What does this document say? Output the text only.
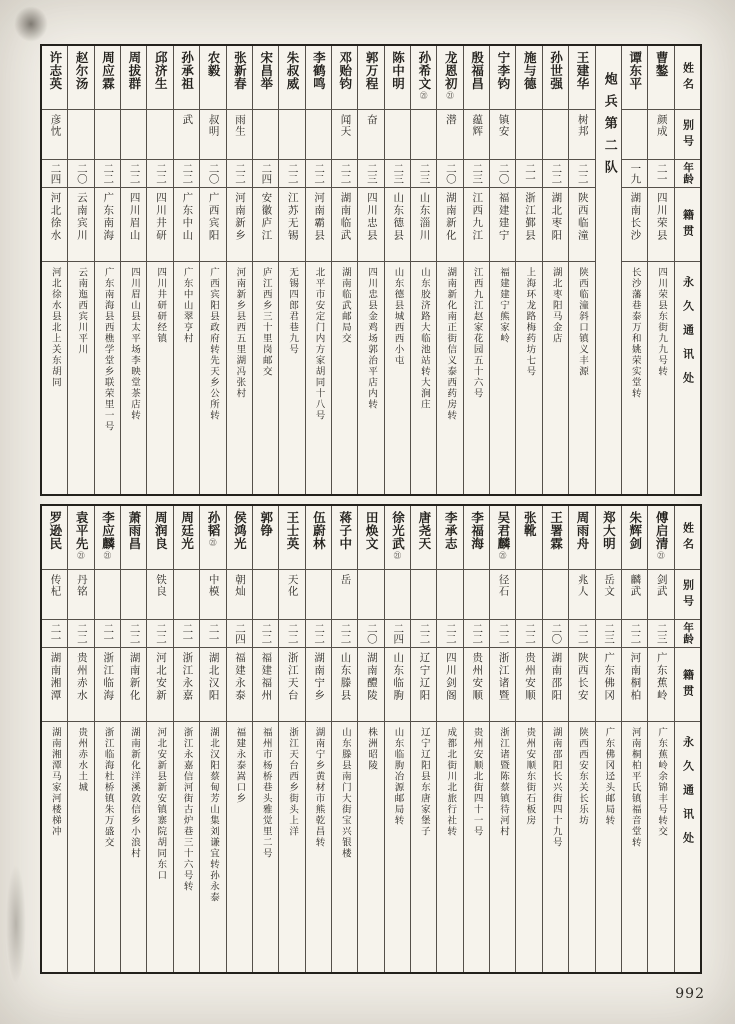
姓名
别号
年龄
籍贯
永久通讯处
曹鏊
颜成
二一
四川荣县
四川荣县东街九九号转
谭东平
一九
湖南长沙
长沙藩巷泰万和姚荣实堂转
炮兵第二队
王建华
树邦
二二
陕西临潼
陕西临潼斜口镇义丰源
孙世强
二二
湖北枣阳
湖北枣阳马金店
施与德
二一
浙江鄞县
上海环龙路梅药坊七号
宁李钧
镇安
二〇
福建建宁
福建建宁熊家岭
殷福昌
蕴辉
二三
江西九江
江西九江赵家花园五十六号
龙恩初
㉑
潜
二〇
湖南新化
湖南新化南正街信义泰西药房转
孙希文
㉑
二三
山东淄川
山东胶济路大临池站转大涧庄
陈中明
二三
山东德县
山东德县城西西小屯
郭万程
奋
二三
四川忠县
四川忠县金鸡场郭治平店内转
邓贻钧
闻天
二二
湖南临武
湖南临武邮局交
李鹤鸣
二二
河南霸县
北平市安定门内方家胡同十八号
朱叔威
二二
江苏无锡
无锡四郎君巷九号
宋昌举
二四
安徽庐江
庐江西乡三十里岗邮交
张新春
雨生
二二
河南新乡
河南新乡县西五里湖冯张村
农毅
叔明
二〇
广西宾阳
广西宾阳县政府转先天乡公所转
孙承祖
武
二二
广东中山
广东中山翠亨村
邱济生
二二
四川井研
四川井研研经镇
周拔群
二二
四川眉山
四川眉山县太平场李映堂茶店转
周应霖
二二
广东南海
广东南海县西樵学堂乡联荣里一号
赵尔汤
二〇
云南宾川
云南迤西宾川平川
许志英
彦忱
二四
河北徐水
河北徐水县北上关东胡同
姓名
别号
年龄
籍贯
永久通讯处
傅启清
㉑
剑武
二三
广东蕉岭
广东蕉岭余锦丰号转交
朱辉剑
麟武
二二
河南桐柏
河南桐柏平氏镇福音堂转
郑大明
岳文
二三
广东佛冈
广东佛冈迳头邮局转
周雨舟
兆人
二二
陕西长安
陕西西安东关长乐坊
王署霖
二〇
湖南邵阳
湖南邵阳长兴街四十九号
张靴
二二
贵州安顺
贵州安顺东街石板房
吴君麟
㉑
径石
二二
浙江诸暨
浙江诸暨陈蔡镇待河村
李福海
二二
贵州安顺
贵州安顺北街四十一号
李承志
二二
四川剑阁
成都北街川北旅行社转
唐尧天
二二
辽宁辽阳
辽宁辽阳县东唐家堡子
徐光武
㉑
二四
山东临朐
山东临朐冶源邮局转
田焕文
二〇
湖南醴陵
株洲昭陵
蒋子中
岳
二二
山东滕县
山东滕县南门大街宝兴银楼
伍蔚林
二二
湖南宁乡
湖南宁乡黄材市熊乾昌转
王士英
天化
二二
浙江天台
浙江天台西乡街头上洋
郭铮
二二
福建福州
福州市杨桥巷头雅觉里二号
侯鸿光
朝灿
二四
福建永泰
福建永泰嵩口乡
孙韬
㉑
中模
二一
湖北汉阳
湖北汉阳蔡甸芳山集刘谦宜转孙永泰
周廷光
二一
浙江永嘉
浙江永嘉信河街古炉巷三十六号转
周润良
铁良
二二
河北安新
河北安新县新安镇寨院胡同东口
萧雨昌
二二
湖南新化
湖南新化洋溪敦信乡小浪村
李应麟
㉑
二一
浙江临海
浙江临海杜桥镇朱万盛交
袁平先
㉑
丹铭
二二
贵州赤水
贵州赤水土城
罗逊民
传杞
二一
湖南湘潭
湖南湘潭马家河楼梯冲
992
